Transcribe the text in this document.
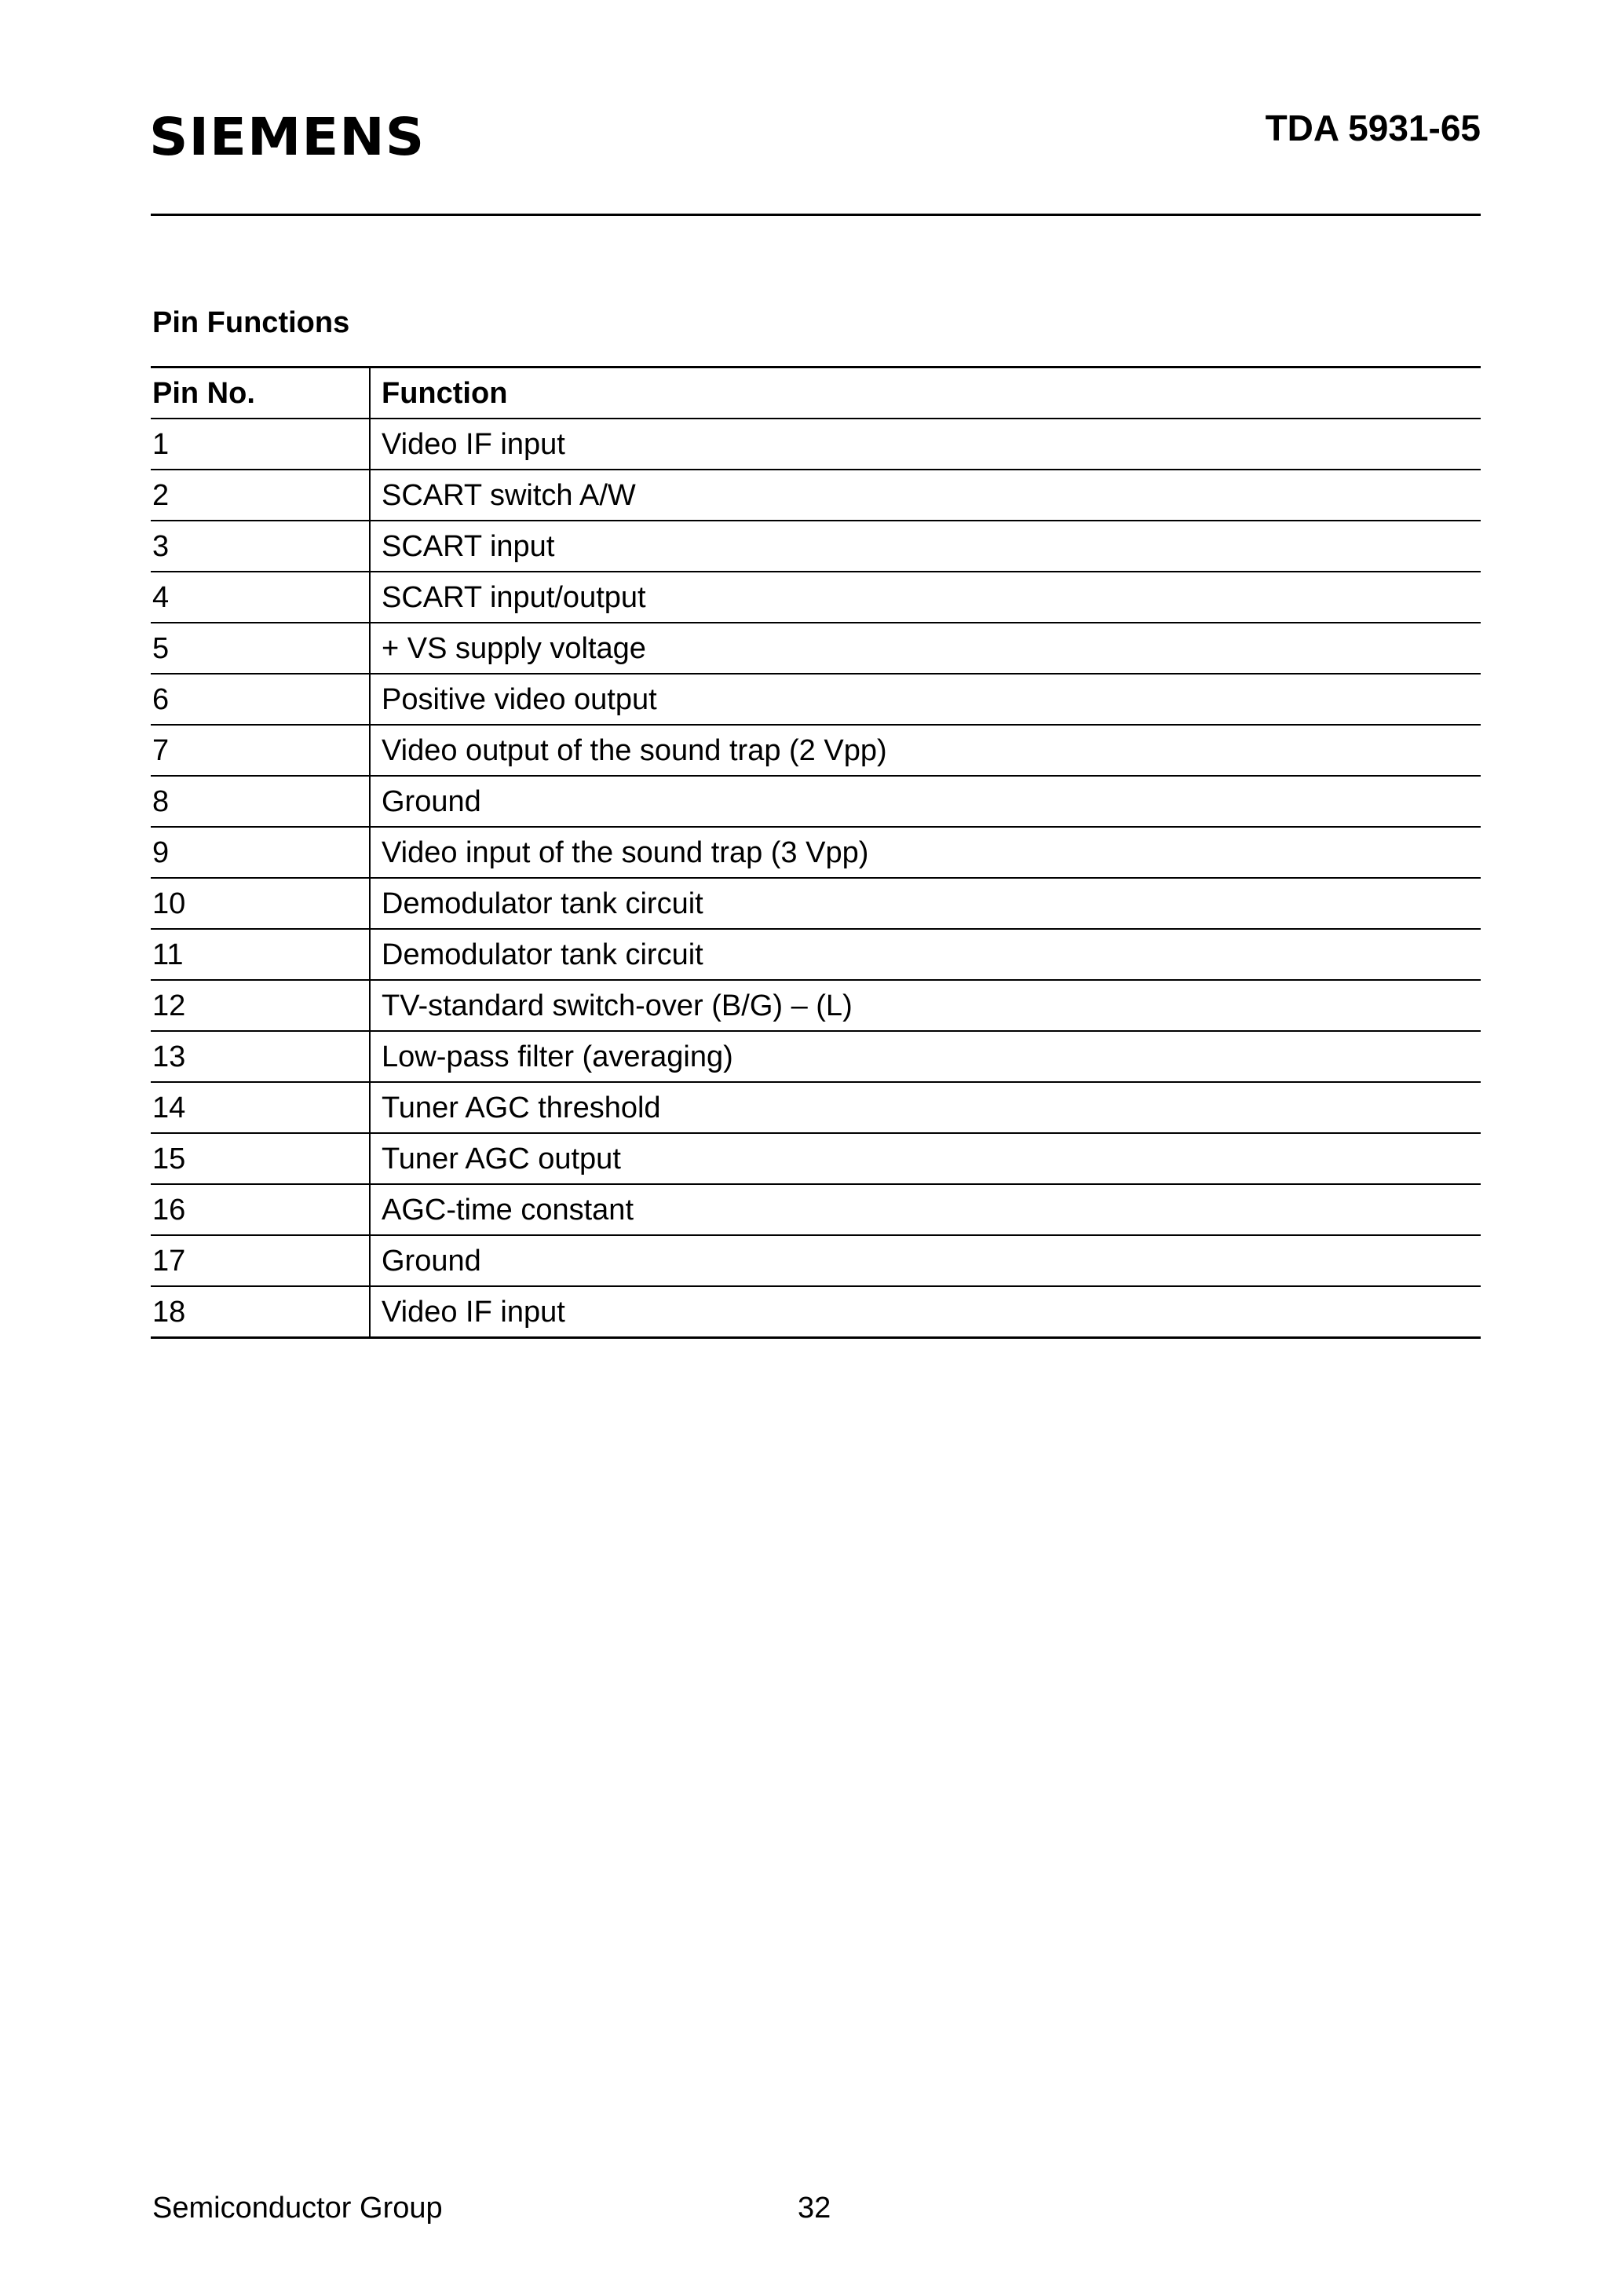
SIEMENS	TDA 5931-65
Pin Functions
Pin No.	Function
1	Video IF input
2	SCART switch A/W
3	SCART input
4	SCART input/output
5	+ VS supply voltage
6	Positive video output
7	Video output of the sound trap (2 Vpp)
8	Ground
9	Video input of the sound trap (3 Vpp)
10	Demodulator tank circuit
11	Demodulator tank circuit
12	TV-standard switch-over (B/G) – (L)
13	Low-pass filter (averaging)
14	Tuner AGC threshold
15	Tuner AGC output
16	AGC-time constant
17	Ground
18	Video IF input
Semiconductor Group	32
